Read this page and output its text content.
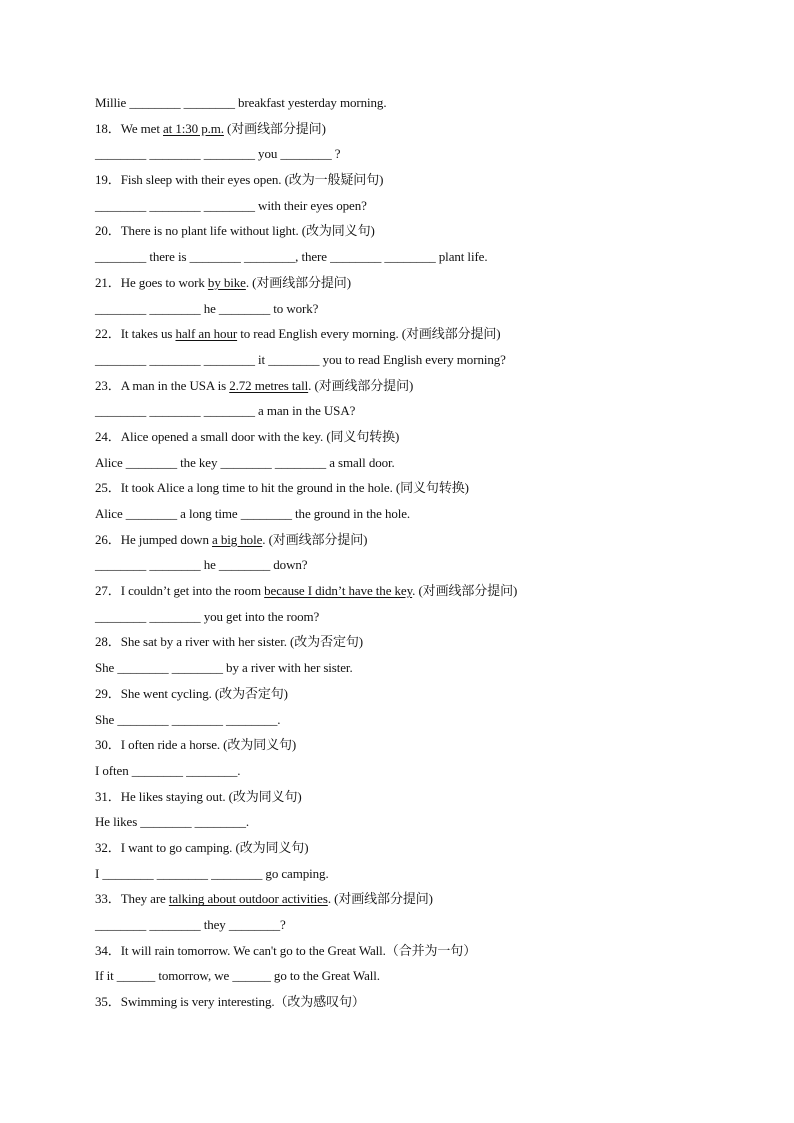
Millie ________ ________ breakfast yesterday morning.
18．We met at 1:30 p.m. (对画线部分提问)
________ ________ ________ you ________ ?
19．Fish sleep with their eyes open. (改为一般疑问句)
________ ________ ________ with their eyes open?
20．There is no plant life without light. (改为同义句)
________ there is ________ ________, there ________ ________ plant life.
21．He goes to work by bike. (对画线部分提问)
________ ________ he ________ to work?
22．It takes us half an hour to read English every morning. (对画线部分提问)
________ ________ ________ it ________ you to read English every morning?
23．A man in the USA is 2.72 metres tall. (对画线部分提问)
________ ________ ________ a man in the USA?
24．Alice opened a small door with the key. (同义句转换)
Alice ________ the key ________ ________ a small door.
25．It took Alice a long time to hit the ground in the hole. (同义句转换)
Alice ________ a long time ________ the ground in the hole.
26．He jumped down a big hole. (对画线部分提问)
________ ________ he ________ down?
27．I couldn’t get into the room because I didn’t have the key. (对画线部分提问)
________ ________ you get into the room?
28．She sat by a river with her sister. (改为否定句)
She ________ ________ by a river with her sister.
29．She went cycling. (改为否定句)
She ________ ________ ________.
30．I often ride a horse. (改为同义句)
I often ________ ________.
31．He likes staying out. (改为同义句)
He likes ________ ________.
32．I want to go camping. (改为同义句)
I ________ ________ ________ go camping.
33．They are talking about outdoor activities. (对画线部分提问)
________ ________ they ________?
34．It will rain tomorrow. We can't go to the Great Wall.（合并为一句）
If it ______ tomorrow, we ______ go to the Great Wall.
35．Swimming is very interesting.（改为感叹句）
